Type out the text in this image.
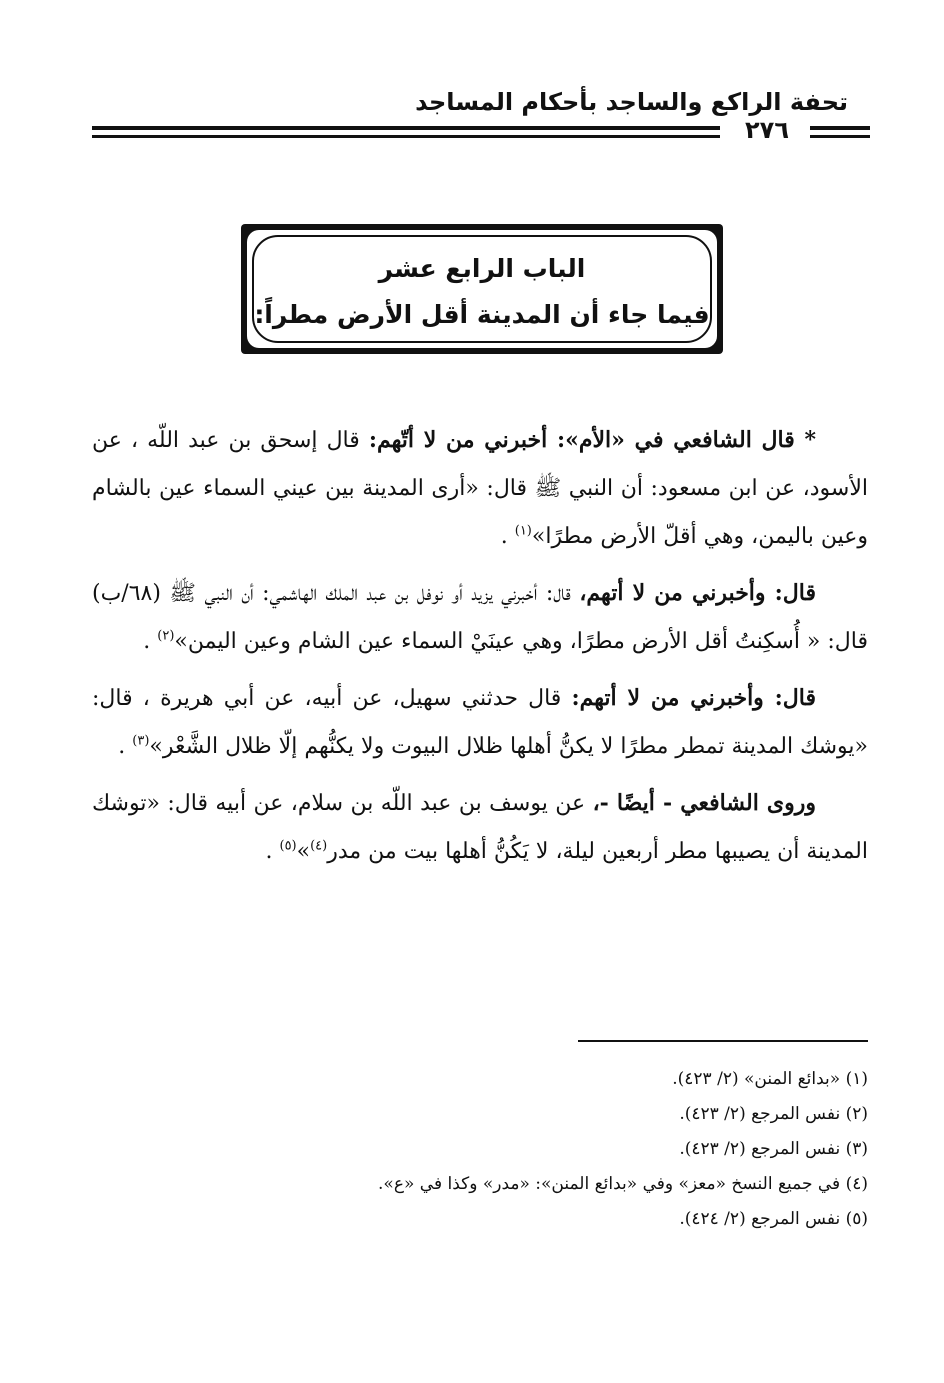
تحفة الراكع والساجد بأحكام المساجد
٢٧٦
الباب الرابع عشر
فيما جاء أن المدينة أقل الأرض مطراً:

* قال الشافعي في «الأم»: أخبرني من لا أتّهم: قال إسحق بن عبد اللّه ، عن الأسود، عن ابن مسعود: أن النبي ﷺ قال: «أرى المدينة بين عيني السماء عين بالشام وعين باليمن، وهي أقلّ الأرض مطرًا»$^{(١)}$ .

قال: وأخبرني من لا أتهم، قال: أخبرني يزيد أو نوفل بن عبد الملك الهاشمي: أن النبي ﷺ (٦٨/ب) قال: « أُسكِنتُ أقل الأرض مطرًا، وهي عينَيْ السماء عين الشام وعين اليمن»$^{(٢)}$ .

قال: وأخبرني من لا أتهم: قال حدثني سهيل، عن أبيه، عن أبي هريرة ، قال: «يوشك المدينة تمطر مطرًا لا يكنُّ أهلها ظلال البيوت ولا يكنُّهم إلّا ظلال الشَّعْر»$^{(٣)}$ .

وروى الشافعي - أيضًا -، عن يوسف بن عبد اللّه بن سلام، عن أبيه قال: «توشك المدينة أن يصيبها مطر أربعين ليلة، لا يَكُنُّ أهلها بيت من مدر$^{(٤)}$»$^{(٥)}$ .

(١) «بدائع المنن» (٢/ ٤٢٣).
(٢) نفس المرجع (٢/ ٤٢٣).
(٣) نفس المرجع (٢/ ٤٢٣).
(٤) في جميع النسخ «معز» وفي «بدائع المنن»: «مدر» وكذا في «ع».
(٥) نفس المرجع (٢/ ٤٢٤).
